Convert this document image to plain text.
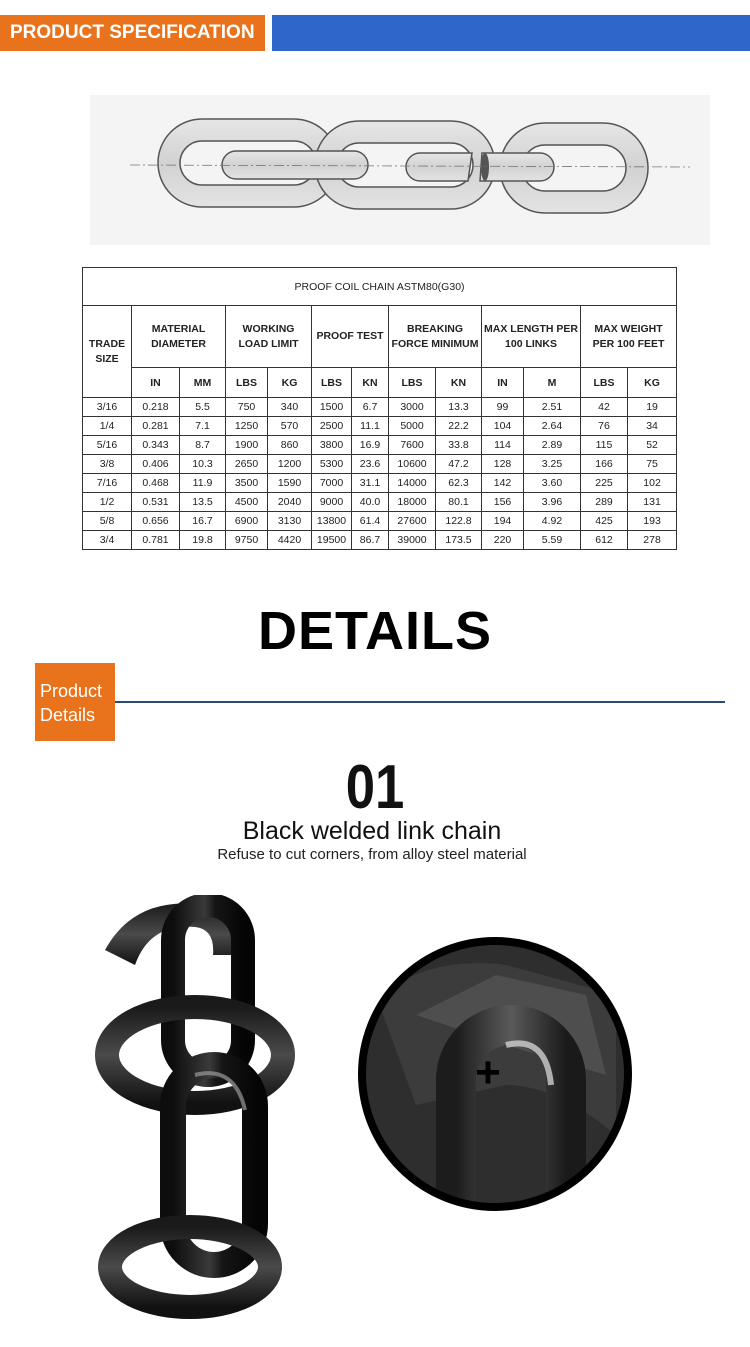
PRODUCT SPECIFICATION
PROOF COIL CHAIN ASTM80(G30)												
TRADE SIZE	MATERIAL DIAMETER		WORKING LOAD LIMIT		PROOF TEST		BREAKING FORCE MINIMUM		MAX LENGTH PER 100 LINKS		MAX WEIGHT PER 100 FEET	
	IN	MM	LBS	KG	LBS	KN	LBS	KN	IN	M	LBS	KG
3/16	0.218	5.5	750	340	1500	6.7	3000	13.3	99	2.51	42	19
1/4	0.281	7.1	1250	570	2500	11.1	5000	22.2	104	2.64	76	34
5/16	0.343	8.7	1900	860	3800	16.9	7600	33.8	114	2.89	115	52
3/8	0.406	10.3	2650	1200	5300	23.6	10600	47.2	128	3.25	166	75
7/16	0.468	11.9	3500	1590	7000	31.1	14000	62.3	142	3.60	225	102
1/2	0.531	13.5	4500	2040	9000	40.0	18000	80.1	156	3.96	289	131
5/8	0.656	16.7	6900	3130	13800	61.4	27600	122.8	194	4.92	425	193
3/4	0.781	19.8	9750	4420	19500	86.7	39000	173.5	220	5.59	612	278
DETAILS
Product
Details
01
Black welded link chain
Refuse to cut corners, from alloy steel material
+
